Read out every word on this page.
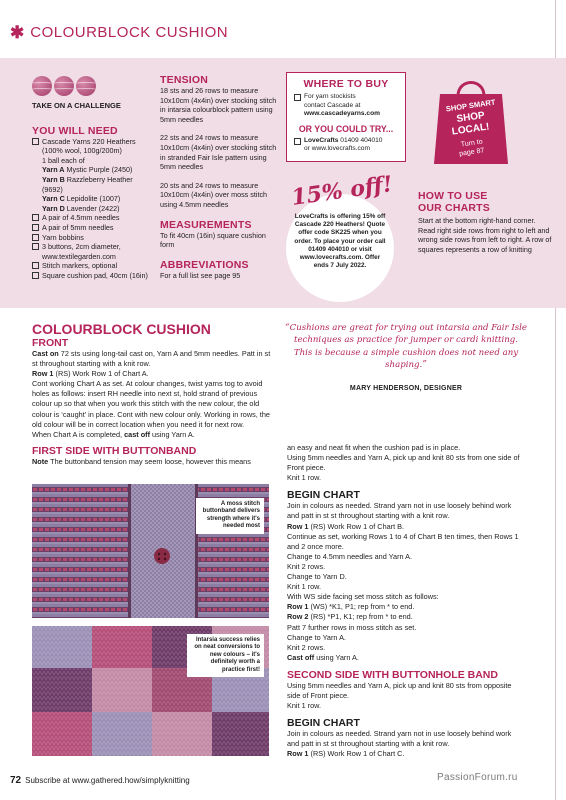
✱ COLOURBLOCK CUSHION
TAKE ON A CHALLENGE
YOU WILL NEED
Cascade Yarns 220 Heathers
(100% wool, 100g/200m)
1 ball each of
Yarn A Mystic Purple (2450)
Yarn B Razzleberry Heather
(9692)
Yarn C Lepidolite (1007)
Yarn D Lavender (2422)
A pair of 4.5mm needles
A pair of 5mm needles
Yarn bobbins
3 buttons, 2cm diameter,
www.textilegarden.com
Stitch markers, optional
Square cushion pad, 40cm (16in)
TENSION
18 sts and 26 rows to measure 10x10cm (4x4in) over stocking stitch in intarsia colourblock pattern using 5mm needles
22 sts and 24 rows to measure 10x10cm (4x4in) over stocking stitch in stranded Fair Isle pattern using 5mm needles
20 sts and 24 rows to measure 10x10cm (4x4in) over moss stitch using 4.5mm needles
MEASUREMENTS
To fit 40cm (16in) square cushion form
ABBREVIATIONS
For a full list see page 95
WHERE TO BUY
For yarn stockists
contact Cascade at
www.cascadeyarns.com
OR YOU COULD TRY...
LoveCrafts 01409 404010
or www.lovecrafts.com
15% off!
LoveCrafts is offering 15% off Cascade 220 Heathers! Quote offer code SK225 when you order. To place your order call 01409 404010 or visit www.lovecrafts.com. Offer ends 7 July 2022.
SHOP SMART
SHOP
LOCAL!
Turn to
page 87
HOW TO USE
OUR CHARTS
Start at the bottom right-hand corner. Read right side rows from right to left and wrong side rows from left to right. A row of squares represents a row of knitting
COLOURBLOCK CUSHION
FRONT
Cast on 72 sts using long-tail cast on, Yarn A and 5mm needles. Patt in st st throughout starting with a knit row.
Row 1 (RS) Work Row 1 of Chart A.
Cont working Chart A as set. At colour changes, twist yarns tog to avoid holes as follows: insert RH needle into next st, hold strand of previous colour up so that when you work this stitch with the new colour, the old colour is ‘caught’ in place. Cont with new colour only. Working in rows, the old colour will be in correct location when you need it for next row.
When Chart A is completed, cast off using Yarn A.
FIRST SIDE WITH BUTTONBAND
Note The buttonband tension may seem loose, however this means
“Cushions are great for trying out intarsia and Fair Isle techniques as practice for jumper or cardi knitting. This is because a simple cushion does not need any shaping.”
MARY HENDERSON, DESIGNER
an easy and neat fit when the cushion pad is in place.
Using 5mm needles and Yarn A, pick up and knit 80 sts from one side of Front piece.
Knit 1 row.
BEGIN CHART
Join in colours as needed. Strand yarn not in use loosely behind work and patt in st st throughout starting with a knit row.
Row 1 (RS) Work Row 1 of Chart B.
Continue as set, working Rows 1 to 4 of Chart B ten times, then Rows 1 and 2 once more.
Change to 4.5mm needles and Yarn A.
Knit 2 rows.
Change to Yarn D.
Knit 1 row.
With WS side facing set moss stitch as follows:
Row 1 (WS) *K1, P1; rep from * to end.
Row 2 (RS) *P1, K1; rep from * to end.
Patt 7 further rows in moss stitch as set.
Change to Yarn A.
Knit 2 rows.
Cast off using Yarn A.
SECOND SIDE WITH BUTTONHOLE BAND
Using 5mm needles and Yarn A, pick up and knit 80 sts from opposite side of Front piece.
Knit 1 row.
BEGIN CHART
Join in colours as needed. Strand yarn not in use loosely behind work and patt in st st throughout starting with a knit row.
Row 1 (RS) Work Row 1 of Chart C.
A moss stitch buttonband delivers strength where it's needed most
Intarsia success relies on neat conversions to new colours – it's definitely worth a practice first!
72 Subscribe at www.gathered.how/simplyknitting	PassionForum.ru
